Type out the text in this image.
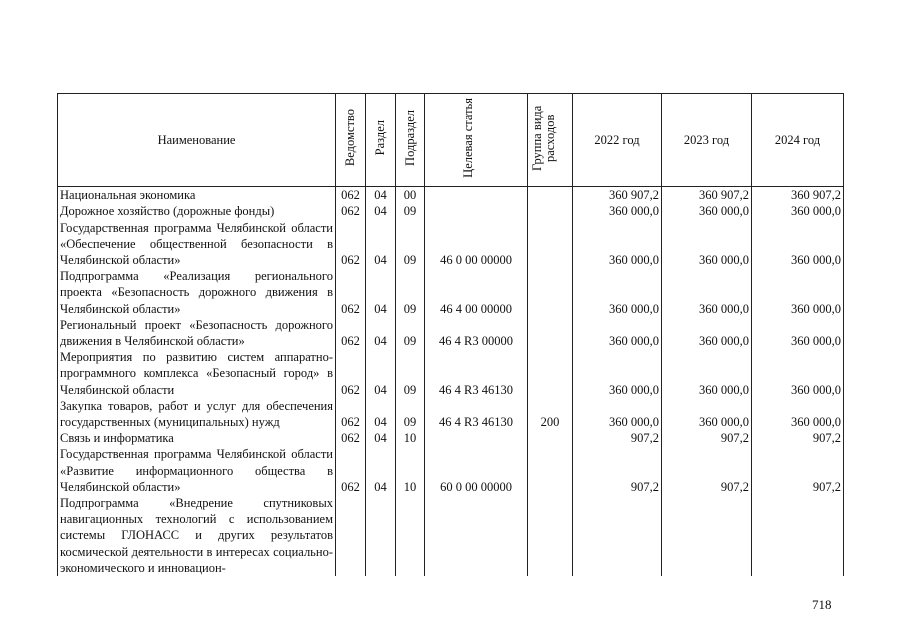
Наименование	Ведомство	Раздел	Подраздел	Целевая статья	Группа вида расходов	2022 год	2023 год	2024 год
Национальная экономика	062	04	00			360 907,2	360 907,2	360 907,2
Дорожное хозяйство (дорожные фонды)	062	04	09			360 000,0	360 000,0	360 000,0
Государственная программа Челябинской области «Обеспечение общественной безопасности в Челябинской области»	062	04	09	46 0 00 00000		360 000,0	360 000,0	360 000,0
Подпрограмма «Реализация регионального проекта «Безопасность дорожного движения в Челябинской области»	062	04	09	46 4 00 00000		360 000,0	360 000,0	360 000,0
Региональный проект «Безопасность дорожного движения в Челябинской области»	062	04	09	46 4 R3 00000		360 000,0	360 000,0	360 000,0
Мероприятия по развитию систем аппаратно-программного комплекса «Безопасный город» в Челябинской области	062	04	09	46 4 R3 46130		360 000,0	360 000,0	360 000,0
Закупка товаров, работ и услуг для обеспечения государственных (муниципальных) нужд	062	04	09	46 4 R3 46130	200	360 000,0	360 000,0	360 000,0
Связь и информатика	062	04	10			907,2	907,2	907,2
Государственная программа Челябинской области «Развитие информационного общества в Челябинской области»	062	04	10	60 0 00 00000		907,2	907,2	907,2
Подпрограмма «Внедрение спутниковых навигационных технологий с использованием системы ГЛОНАСС и других результатов космической деятельности в интересах социально-экономического и инновацион-								
718
